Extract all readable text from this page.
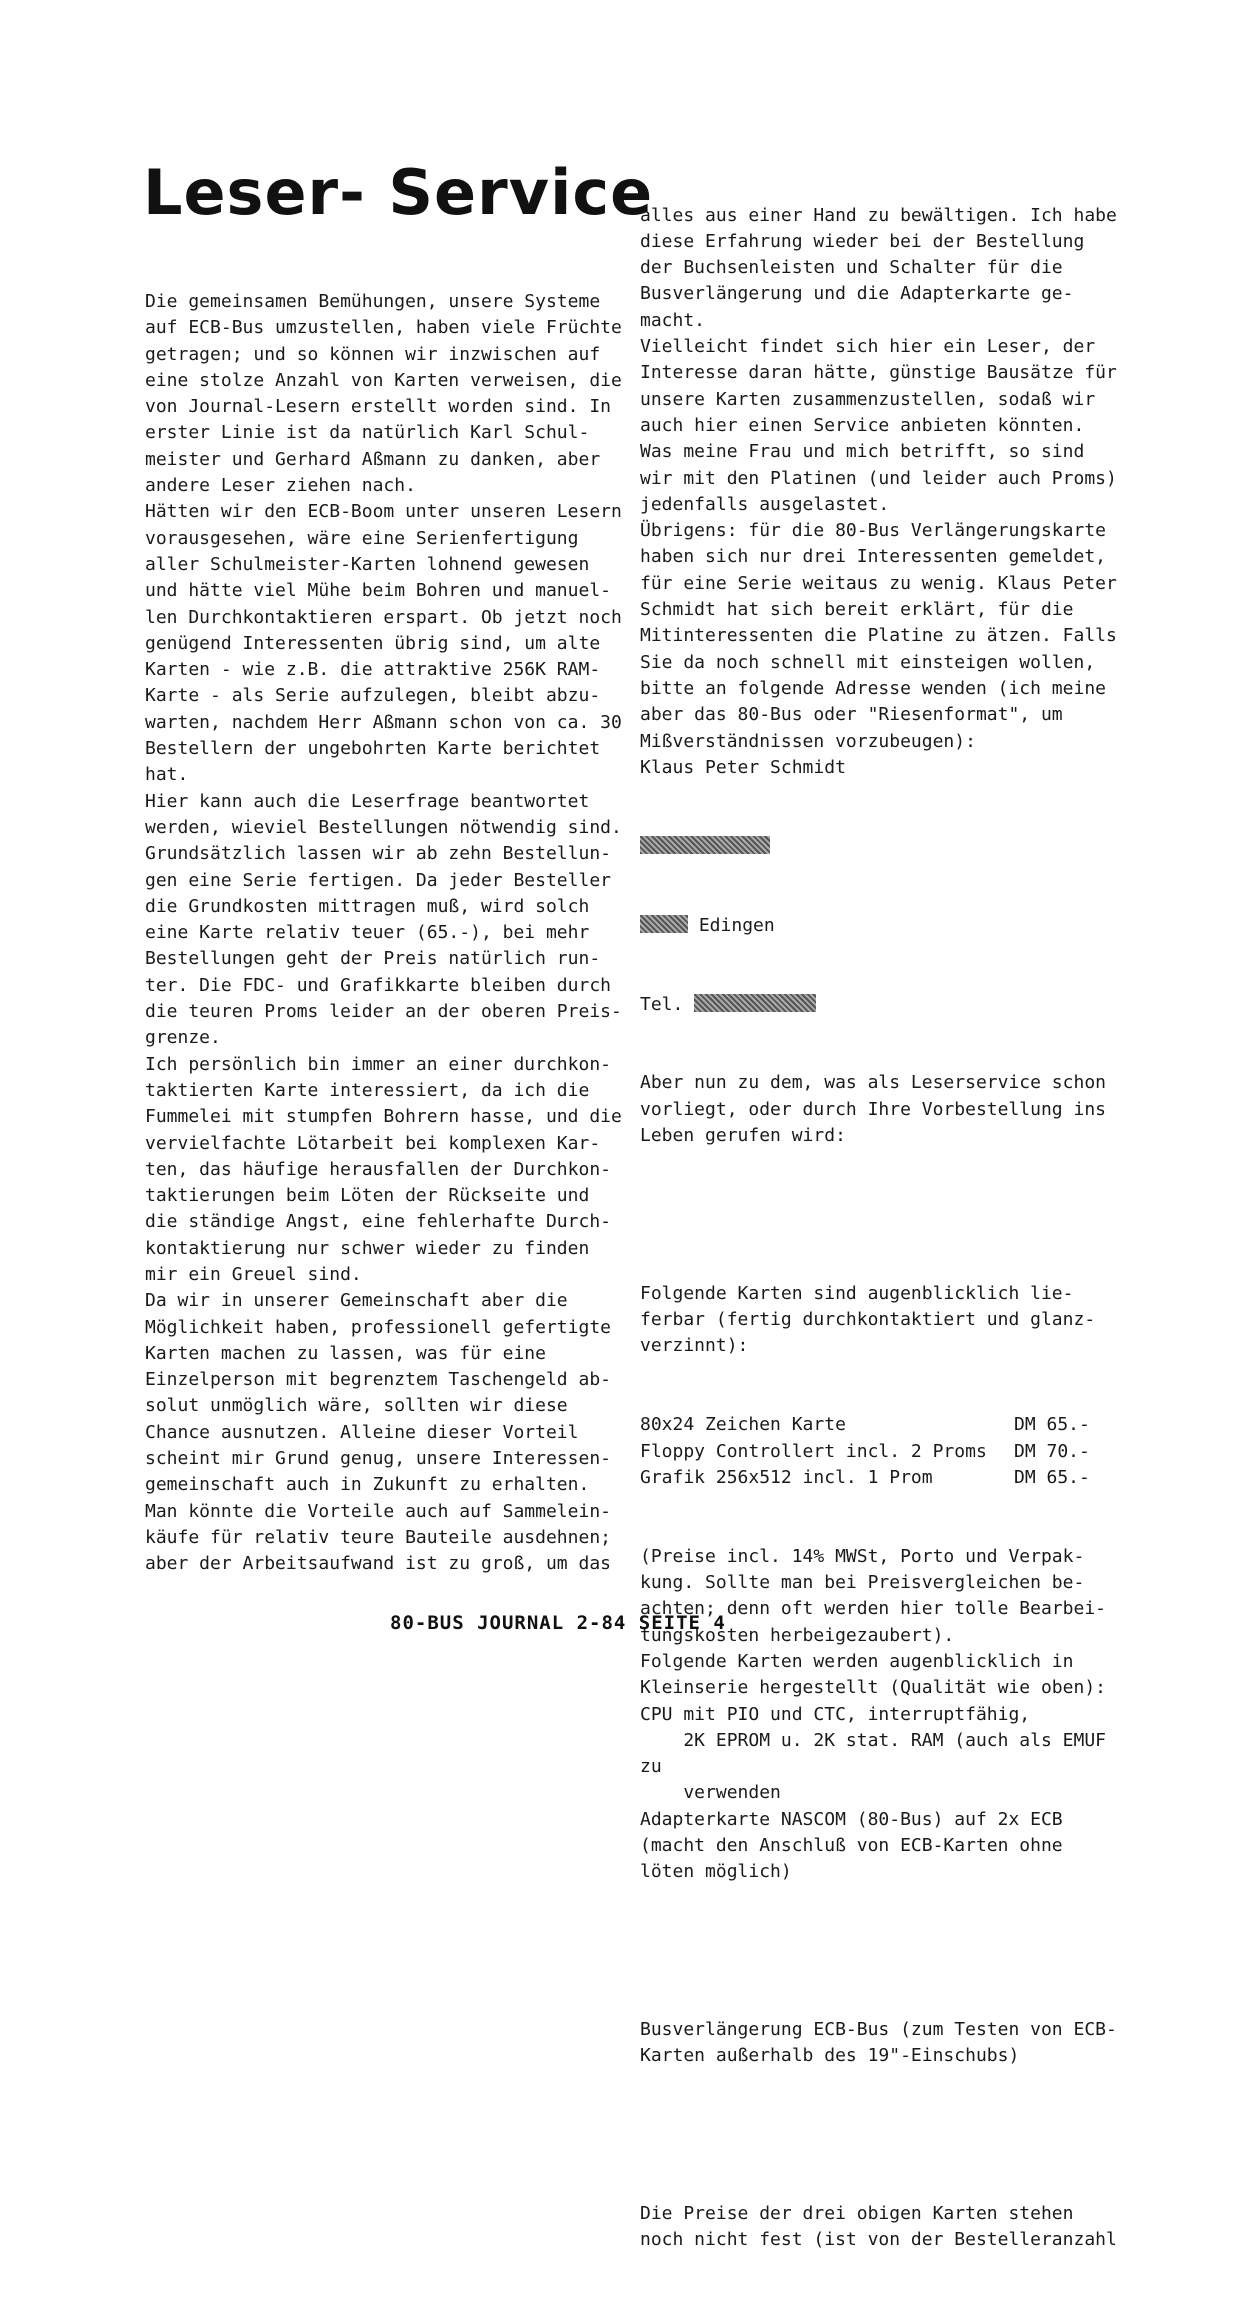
Leser- Service
Die gemeinsamen Bemühungen, unsere Systeme
auf ECB-Bus umzustellen, haben viele Früchte
getragen; und so können wir inzwischen auf
eine stolze Anzahl von Karten verweisen, die
von Journal-Lesern erstellt worden sind. In
erster Linie ist da natürlich Karl Schul-
meister und Gerhard Aßmann zu danken, aber
andere Leser ziehen nach.
Hätten wir den ECB-Boom unter unseren Lesern
vorausgesehen, wäre eine Serienfertigung
aller Schulmeister-Karten lohnend gewesen
und hätte viel Mühe beim Bohren und manuel-
len Durchkontaktieren erspart. Ob jetzt noch
genügend Interessenten übrig sind, um alte
Karten - wie z.B. die attraktive 256K RAM-
Karte - als Serie aufzulegen, bleibt abzu-
warten, nachdem Herr Aßmann schon von ca. 30
Bestellern der ungebohrten Karte berichtet
hat.
Hier kann auch die Leserfrage beantwortet
werden, wieviel Bestellungen nötwendig sind.
Grundsätzlich lassen wir ab zehn Bestellun-
gen eine Serie fertigen. Da jeder Besteller
die Grundkosten mittragen muß, wird solch
eine Karte relativ teuer (65.-), bei mehr
Bestellungen geht der Preis natürlich run-
ter. Die FDC- und Grafikkarte bleiben durch
die teuren Proms leider an der oberen Preis-
grenze.
Ich persönlich bin immer an einer durchkon-
taktierten Karte interessiert, da ich die
Fummelei mit stumpfen Bohrern hasse, und die
vervielfachte Lötarbeit bei komplexen Kar-
ten, das häufige herausfallen der Durchkon-
taktierungen beim Löten der Rückseite und
die ständige Angst, eine fehlerhafte Durch-
kontaktierung nur schwer wieder zu finden
mir ein Greuel sind.
Da wir in unserer Gemeinschaft aber die
Möglichkeit haben, professionell gefertigte
Karten machen zu lassen, was für eine
Einzelperson mit begrenztem Taschengeld ab-
solut unmöglich wäre, sollten wir diese
Chance ausnutzen. Alleine dieser Vorteil
scheint mir Grund genug, unsere Interessen-
gemeinschaft auch in Zukunft zu erhalten.
Man könnte die Vorteile auch auf Sammelein-
käufe für relativ teure Bauteile ausdehnen;
aber der Arbeitsaufwand ist zu groß, um das

alles aus einer Hand zu bewältigen. Ich habe
diese Erfahrung wieder bei der Bestellung
der Buchsenleisten und Schalter für die
Busverlängerung und die Adapterkarte ge-
macht.
Vielleicht findet sich hier ein Leser, der
Interesse daran hätte, günstige Bausätze für
unsere Karten zusammenzustellen, sodaß wir
auch hier einen Service anbieten könnten.
Was meine Frau und mich betrifft, so sind
wir mit den Platinen (und leider auch Proms)
jedenfalls ausgelastet.
Übrigens: für die 80-Bus Verlängerungskarte
haben sich nur drei Interessenten gemeldet,
für eine Serie weitaus zu wenig. Klaus Peter
Schmidt hat sich bereit erklärt, für die
Mitinteressenten die Platine zu ätzen. Falls
Sie da noch schnell mit einsteigen wollen,
bitte an folgende Adresse wenden (ich meine
aber das 80-Bus oder "Riesenformat", um
Mißverständnissen vorzubeugen):
Klaus Peter Schmidt

Edingen

Tel.

Aber nun zu dem, was als Leserservice schon
vorliegt, oder durch Ihre Vorbestellung ins
Leben gerufen wird:

Folgende Karten sind augenblicklich lie-
ferbar (fertig durchkontaktiert und glanz-
verzinnt):

80x24 Zeichen Karte	DM 65.-
Floppy Controllert incl. 2 Proms	DM 70.-
Grafik 256x512 incl. 1 Prom	DM 65.-

(Preise incl. 14% MWSt, Porto und Verpak-
kung. Sollte man bei Preisvergleichen be-
achten; denn oft werden hier tolle Bearbei-
tungskosten herbeigezaubert).
Folgende Karten werden augenblicklich in
Kleinserie hergestellt (Qualität wie oben):
CPU mit PIO und CTC, interruptfähig,
2K EPROM u. 2K stat. RAM (auch als EMUF
zu
verwenden
Adapterkarte NASCOM (80-Bus) auf 2x ECB
(macht den Anschluß von ECB-Karten ohne
löten möglich)

Busverlängerung ECB-Bus (zum Testen von ECB-
Karten außerhalb des 19"-Einschubs)

Die Preise der drei obigen Karten stehen
noch nicht fest (ist von der Bestelleranzahl

80-BUS JOURNAL 2-84 SEITE 4
